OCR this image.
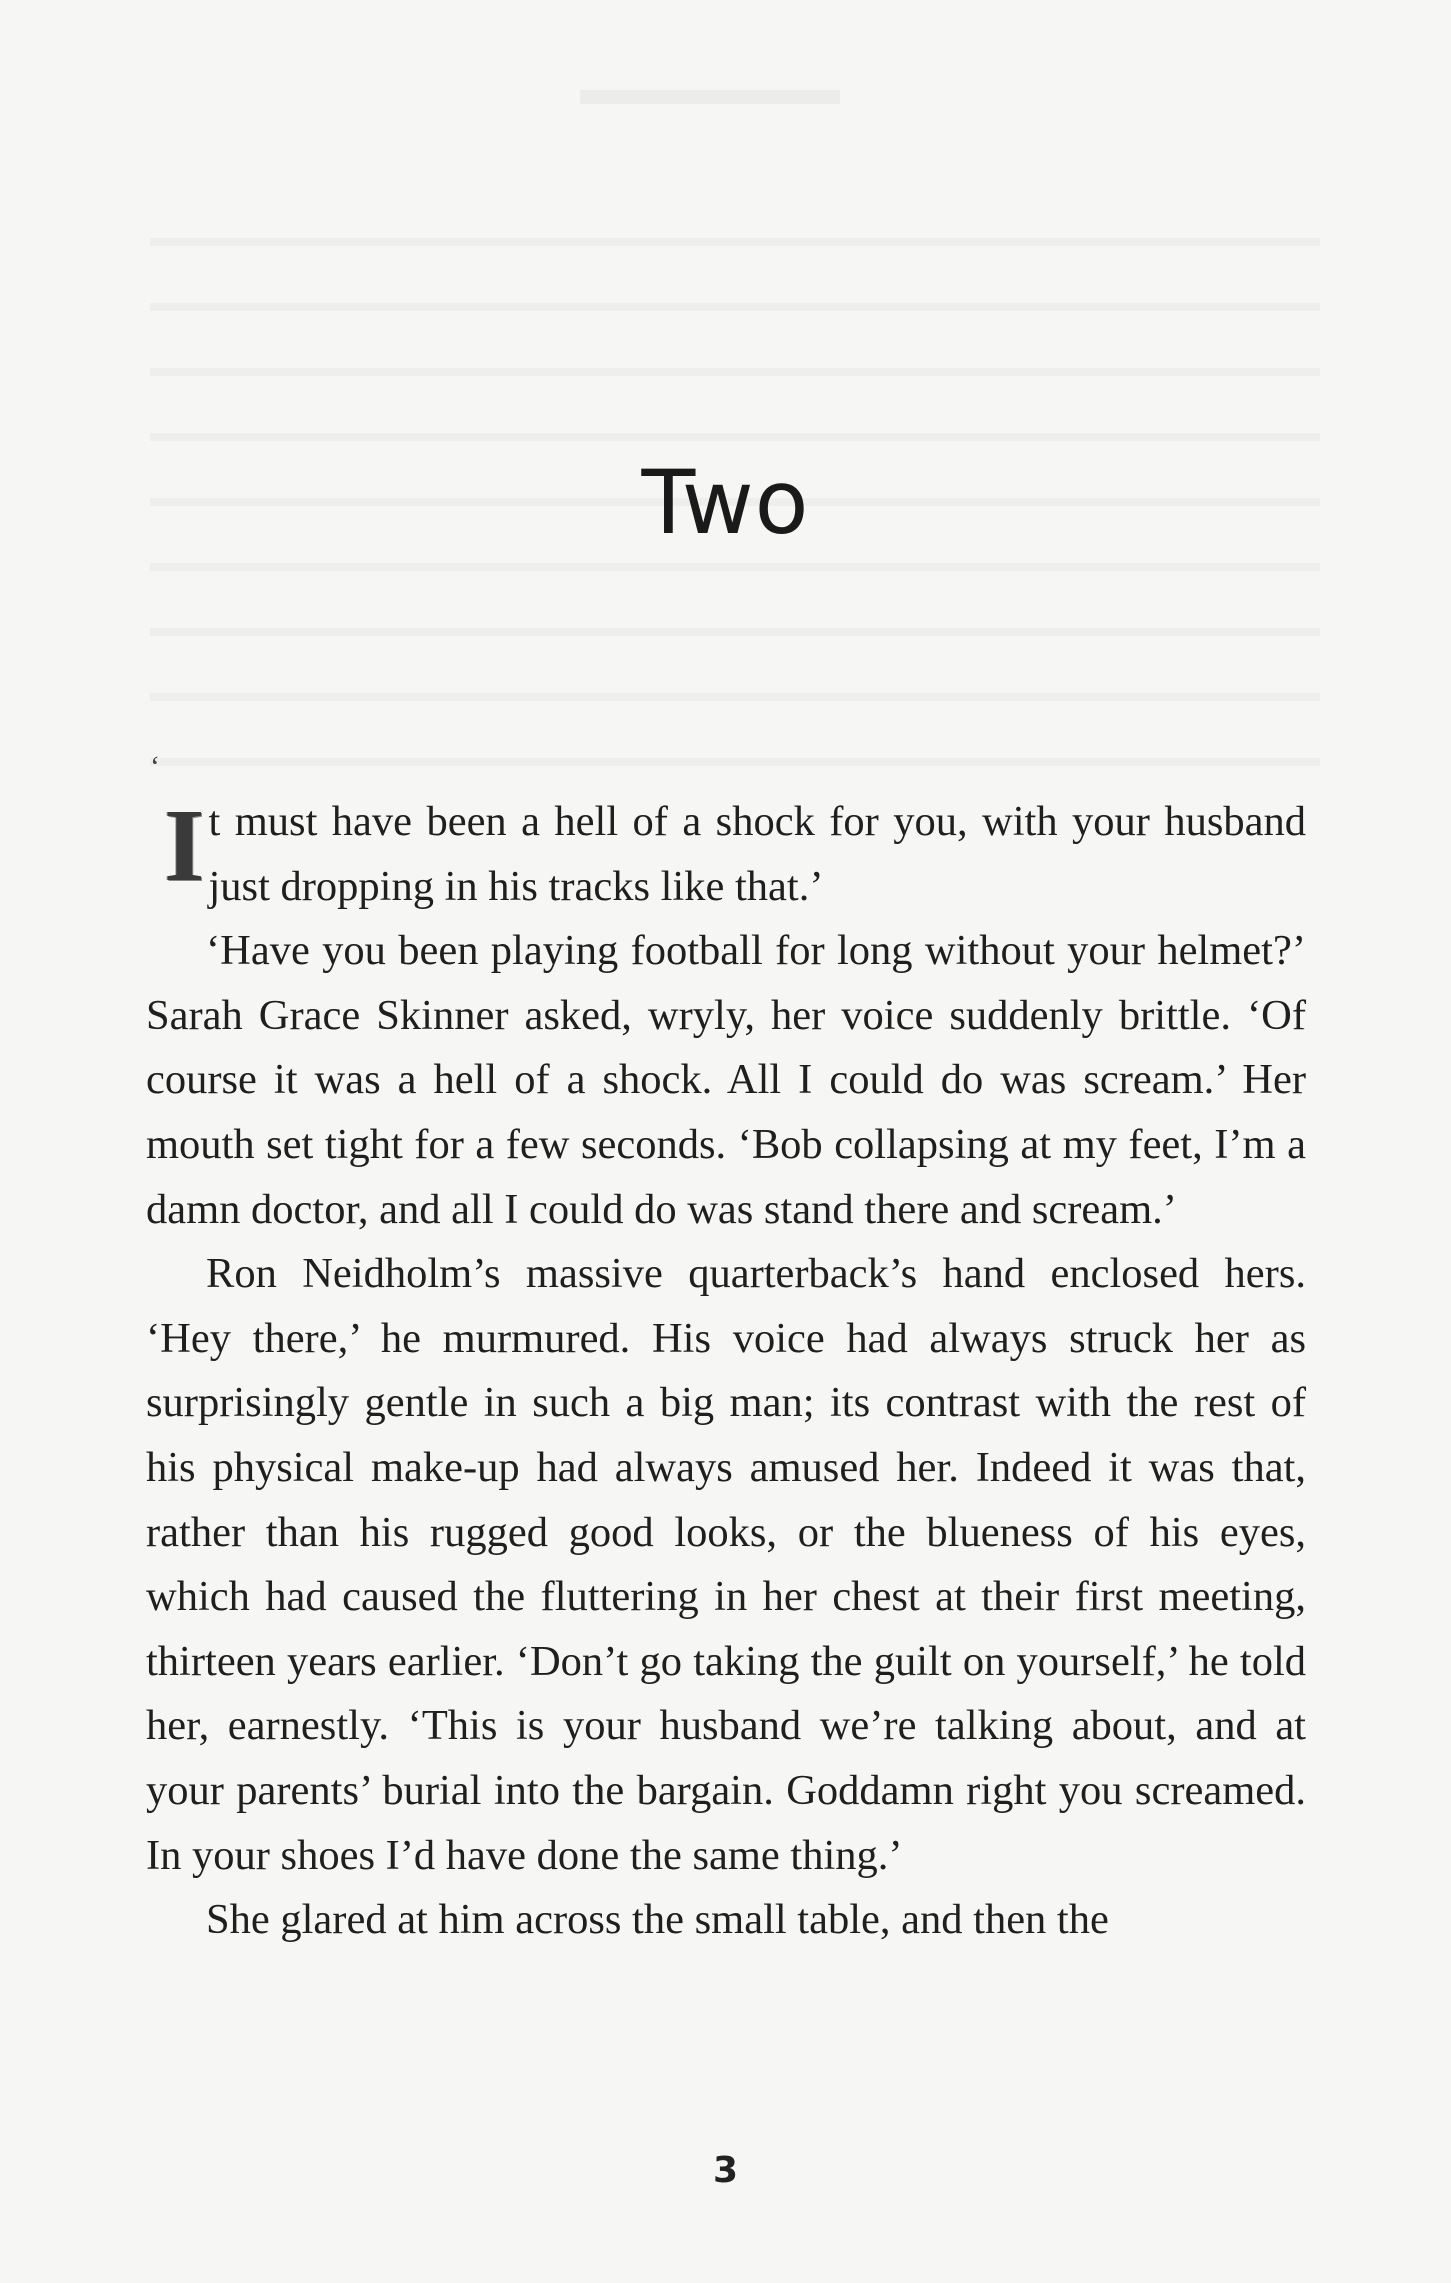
Two
‘

It must have been a hell of a shock for you, with your husband just dropping in his tracks like that.’

‘Have you been playing football for long without your helmet?’ Sarah Grace Skinner asked, wryly, her voice suddenly brittle. ‘Of course it was a hell of a shock. All I could do was scream.’ Her mouth set tight for a few seconds. ‘Bob collapsing at my feet, I’m a damn doctor, and all I could do was stand there and scream.’

Ron Neidholm’s massive quarterback’s hand enclosed hers. ‘Hey there,’ he murmured. His voice had always struck her as surprisingly gentle in such a big man; its contrast with the rest of his physical make-up had always amused her. Indeed it was that, rather than his rugged good looks, or the blueness of his eyes, which had caused the fluttering in her chest at their first meeting, thirteen years earlier. ‘Don’t go taking the guilt on yourself,’ he told her, earnestly. ‘This is your husband we’re talking about, and at your parents’ burial into the bargain. Goddamn right you screamed. In your shoes I’d have done the same thing.’

She glared at him across the small table, and then the

3
